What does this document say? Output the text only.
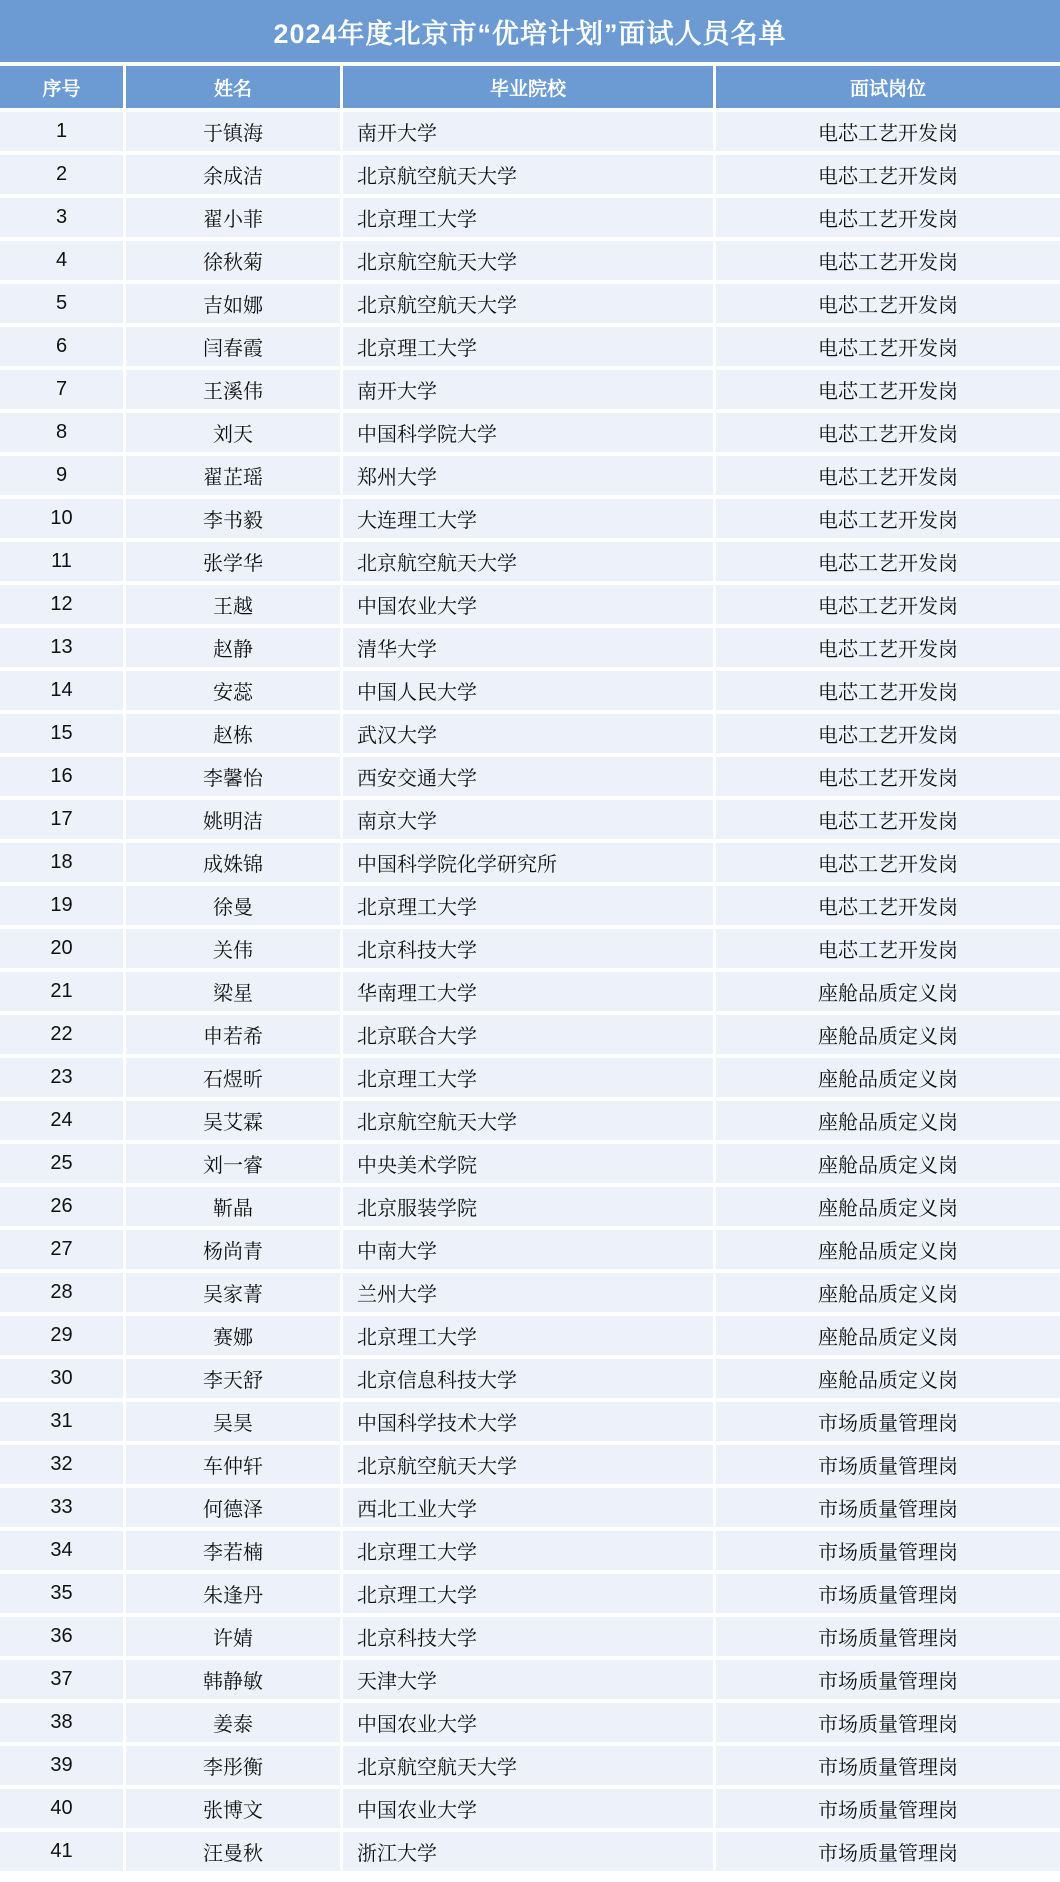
2024年度北京市“优培计划”面试人员名单
序号	姓名	毕业院校	面试岗位
1	于镇海	南开大学	电芯工艺开发岗
2	余成洁	北京航空航天大学	电芯工艺开发岗
3	翟小菲	北京理工大学	电芯工艺开发岗
4	徐秋菊	北京航空航天大学	电芯工艺开发岗
5	吉如娜	北京航空航天大学	电芯工艺开发岗
6	闫春霞	北京理工大学	电芯工艺开发岗
7	王溪伟	南开大学	电芯工艺开发岗
8	刘天	中国科学院大学	电芯工艺开发岗
9	翟芷瑶	郑州大学	电芯工艺开发岗
10	李书毅	大连理工大学	电芯工艺开发岗
11	张学华	北京航空航天大学	电芯工艺开发岗
12	王越	中国农业大学	电芯工艺开发岗
13	赵静	清华大学	电芯工艺开发岗
14	安蕊	中国人民大学	电芯工艺开发岗
15	赵栋	武汉大学	电芯工艺开发岗
16	李馨怡	西安交通大学	电芯工艺开发岗
17	姚明洁	南京大学	电芯工艺开发岗
18	成姝锦	中国科学院化学研究所	电芯工艺开发岗
19	徐曼	北京理工大学	电芯工艺开发岗
20	关伟	北京科技大学	电芯工艺开发岗
21	梁星	华南理工大学	座舱品质定义岗
22	申若希	北京联合大学	座舱品质定义岗
23	石煜昕	北京理工大学	座舱品质定义岗
24	吴艾霖	北京航空航天大学	座舱品质定义岗
25	刘一睿	中央美术学院	座舱品质定义岗
26	靳晶	北京服装学院	座舱品质定义岗
27	杨尚青	中南大学	座舱品质定义岗
28	吴家菁	兰州大学	座舱品质定义岗
29	赛娜	北京理工大学	座舱品质定义岗
30	李天舒	北京信息科技大学	座舱品质定义岗
31	吴昊	中国科学技术大学	市场质量管理岗
32	车仲轩	北京航空航天大学	市场质量管理岗
33	何德泽	西北工业大学	市场质量管理岗
34	李若楠	北京理工大学	市场质量管理岗
35	朱逢丹	北京理工大学	市场质量管理岗
36	许婧	北京科技大学	市场质量管理岗
37	韩静敏	天津大学	市场质量管理岗
38	姜泰	中国农业大学	市场质量管理岗
39	李彤衡	北京航空航天大学	市场质量管理岗
40	张博文	中国农业大学	市场质量管理岗
41	汪曼秋	浙江大学	市场质量管理岗
